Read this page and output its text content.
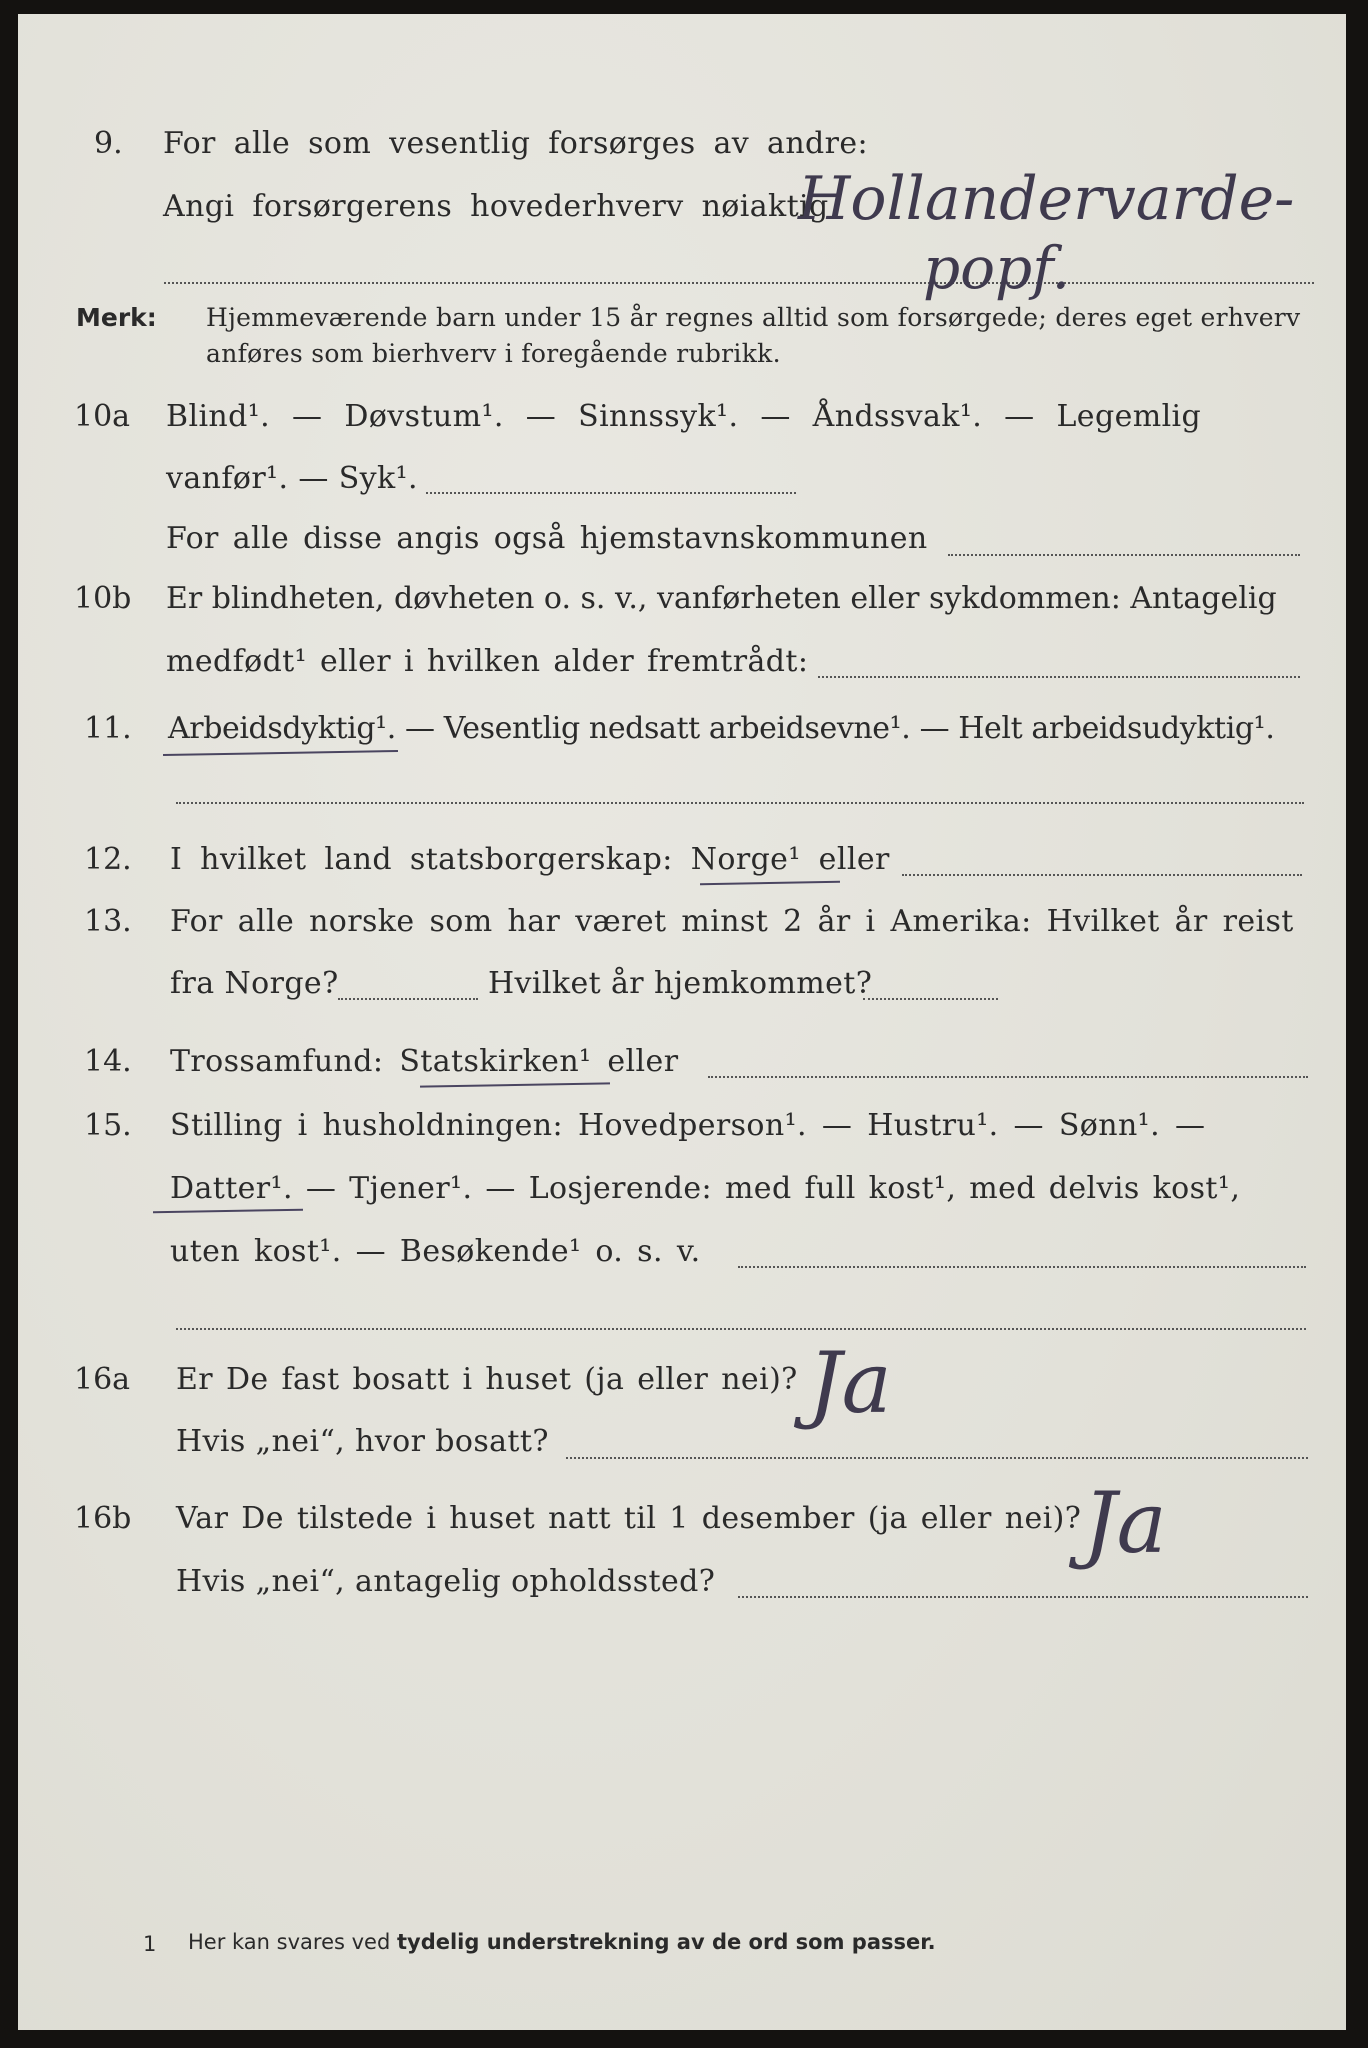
9. For alle som vesentlig forsørges av andre:
Angi forsørgerens hovederhverv nøiaktig
Hollandervarde-
popf.
Merk: Hjemmeværende barn under 15 år regnes alltid som forsørgede; deres eget erhverv
anføres som bierhverv i foregående rubrikk.
10a Blind¹. — Døvstum¹. — Sinnssyk¹. — Åndssvak¹. — Legemlig
vanfør¹. — Syk¹.
For alle disse angis også hjemstavnskommunen
10b Er blindheten, døvheten o. s. v., vanførheten eller sykdommen: Antagelig
medfødt¹ eller i hvilken alder fremtrådt:
11. Arbeidsdyktig¹. — Vesentlig nedsatt arbeidsevne¹. — Helt arbeidsudyktig¹.
12. I hvilket land statsborgerskap: Norge¹ eller
13. For alle norske som har været minst 2 år i Amerika: Hvilket år reist
fra Norge?	Hvilket år hjemkommet?
14. Trossamfund: Statskirken¹ eller
15. Stilling i husholdningen: Hovedperson¹. — Hustru¹. — Sønn¹. —
Datter¹. — Tjener¹. — Losjerende: med full kost¹, med delvis kost¹,
uten kost¹. — Besøkende¹ o. s. v.
16a Er De fast bosatt i huset (ja eller nei)?
Hvis „nei“, hvor bosatt?
Ja
16b Var De tilstede i huset natt til 1 desember (ja eller nei)?
Hvis „nei“, antagelig opholdssted?
Ja
1 Her kan svares ved tydelig understrekning av de ord som passer.
